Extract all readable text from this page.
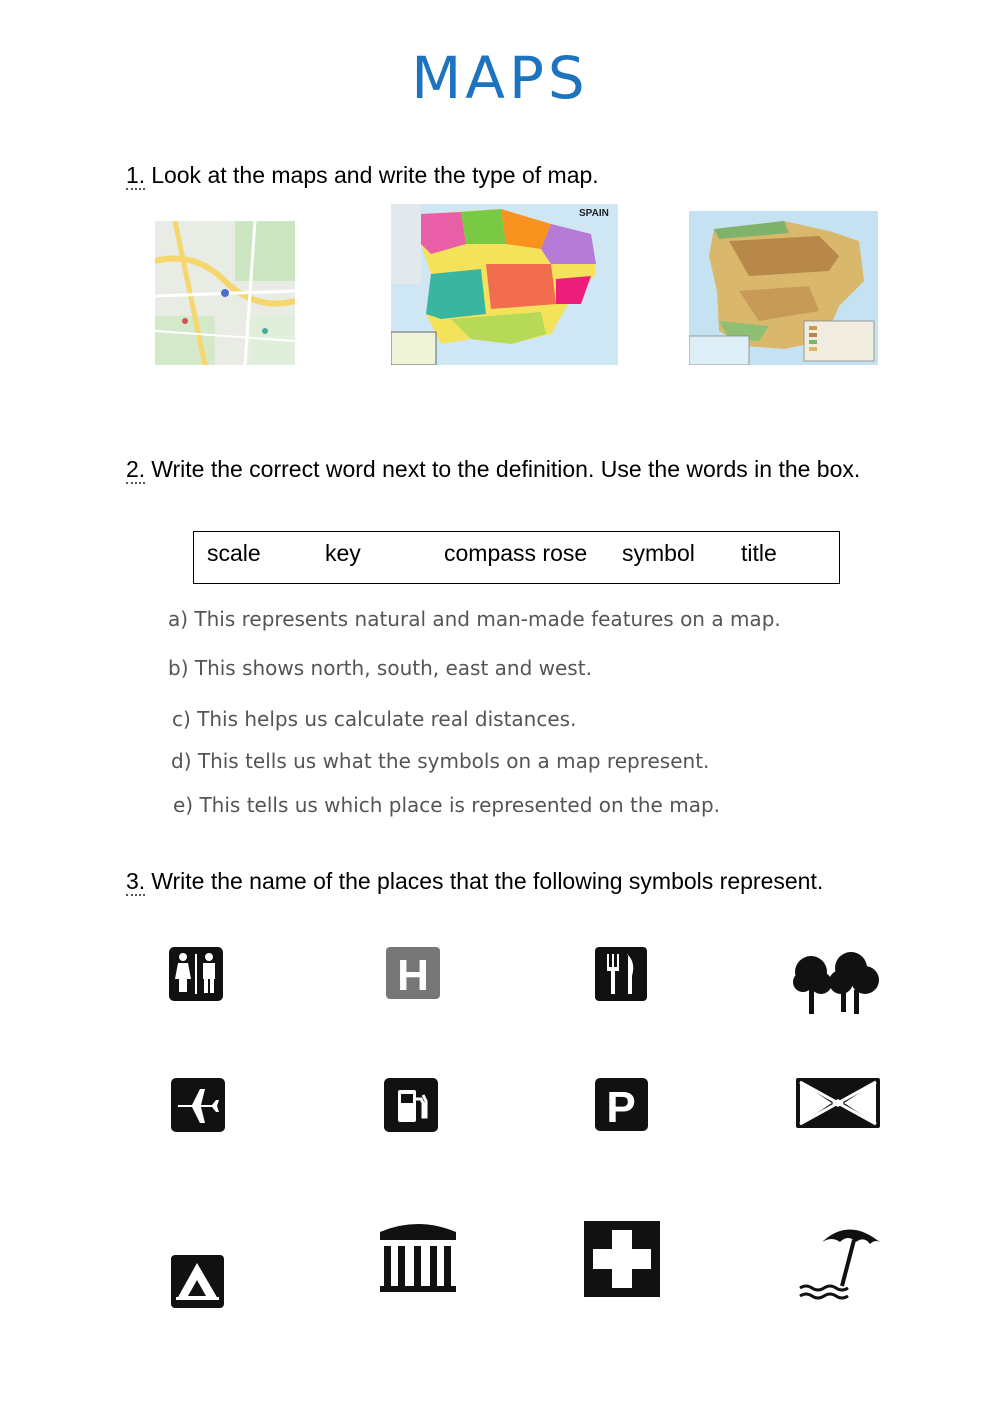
MAPS
1. Look at the maps and write the type of map.
SPAIN
2. Write the correct word next to the definition. Use the words in the box.
scale	key	compass rose symbol title
a) This represents natural and man-made features on a map.
b) This shows north, south, east and west.
c) This helps us calculate real distances.
d) This tells us what the symbols on a map represent.
e) This tells us which place is represented on the map.
3. Write the name of the places that the following symbols represent.
H
P
